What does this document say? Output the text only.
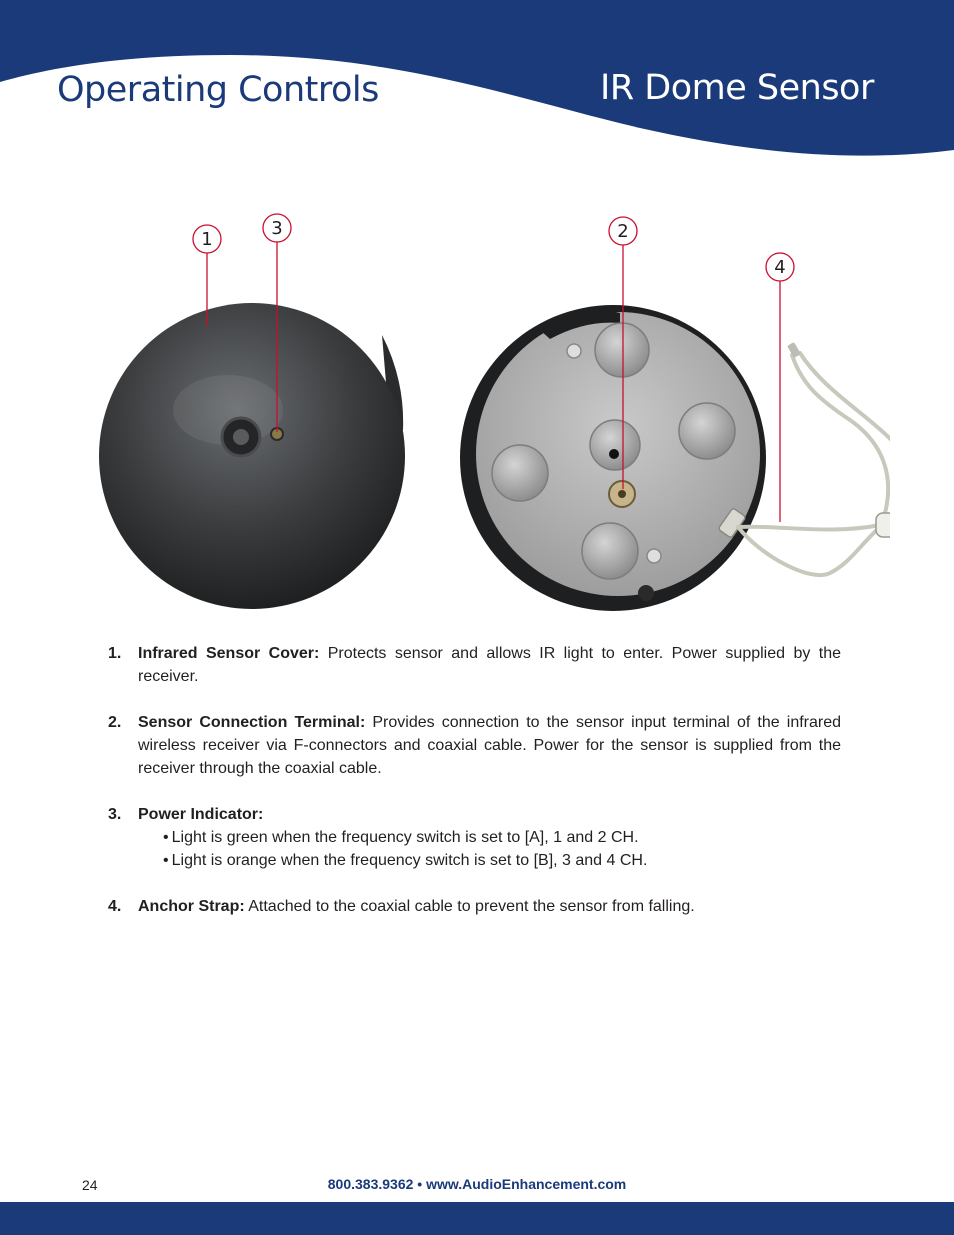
Operating Controls	IR Dome Sensor
1
3	2
4
1. Infrared Sensor Cover: Protects sensor and allows IR light to enter. Power supplied by the receiver.
2. Sensor Connection Terminal: Provides connection to the sensor input terminal of the infrared wireless receiver via F-connectors and coaxial cable. Power for the sensor is supplied from the receiver through the coaxial cable.
3. Power Indicator:
• Light is green when the frequency switch is set to [A], 1 and 2 CH.
• Light is orange when the frequency switch is set to [B], 3 and 4 CH.
4. Anchor Strap: Attached to the coaxial cable to prevent the sensor from falling.
24	800.383.9362 • www.AudioEnhancement.com
